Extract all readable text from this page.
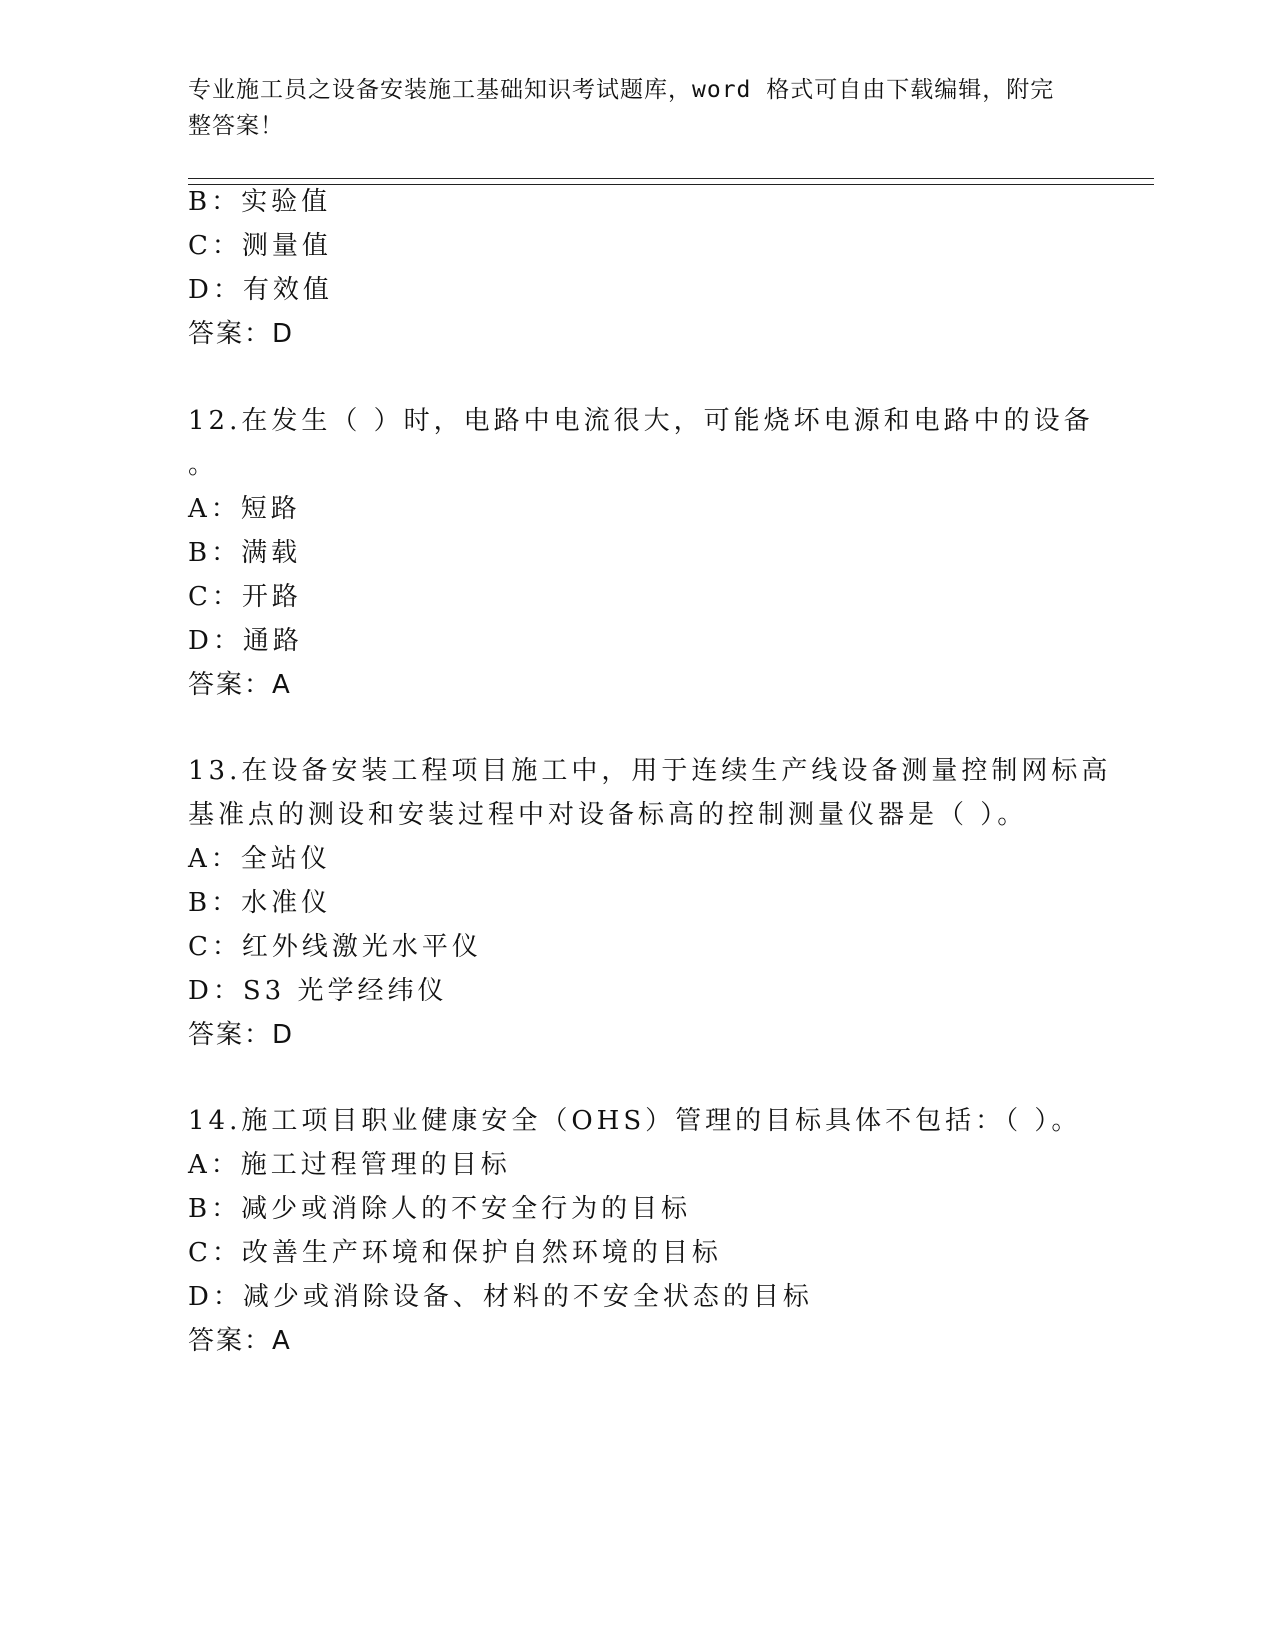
专业施工员之设备安装施工基础知识考试题库，word 格式可自由下载编辑，附完整答案！
B：实验值
C：测量值
D：有效值
答案：D
12.在发生（ ）时，电路中电流很大，可能烧坏电源和电路中的设备
。
A：短路
B：满载
C：开路
D：通路
答案：A
13.在设备安装工程项目施工中，用于连续生产线设备测量控制网标高
基准点的测设和安装过程中对设备标高的控制测量仪器是（ ）。
A：全站仪
B：水准仪
C：红外线激光水平仪
D：S3 光学经纬仪
答案：D
14.施工项目职业健康安全（OHS）管理的目标具体不包括：（ ）。
A：施工过程管理的目标
B：减少或消除人的不安全行为的目标
C：改善生产环境和保护自然环境的目标
D：减少或消除设备、材料的不安全状态的目标
答案：A
